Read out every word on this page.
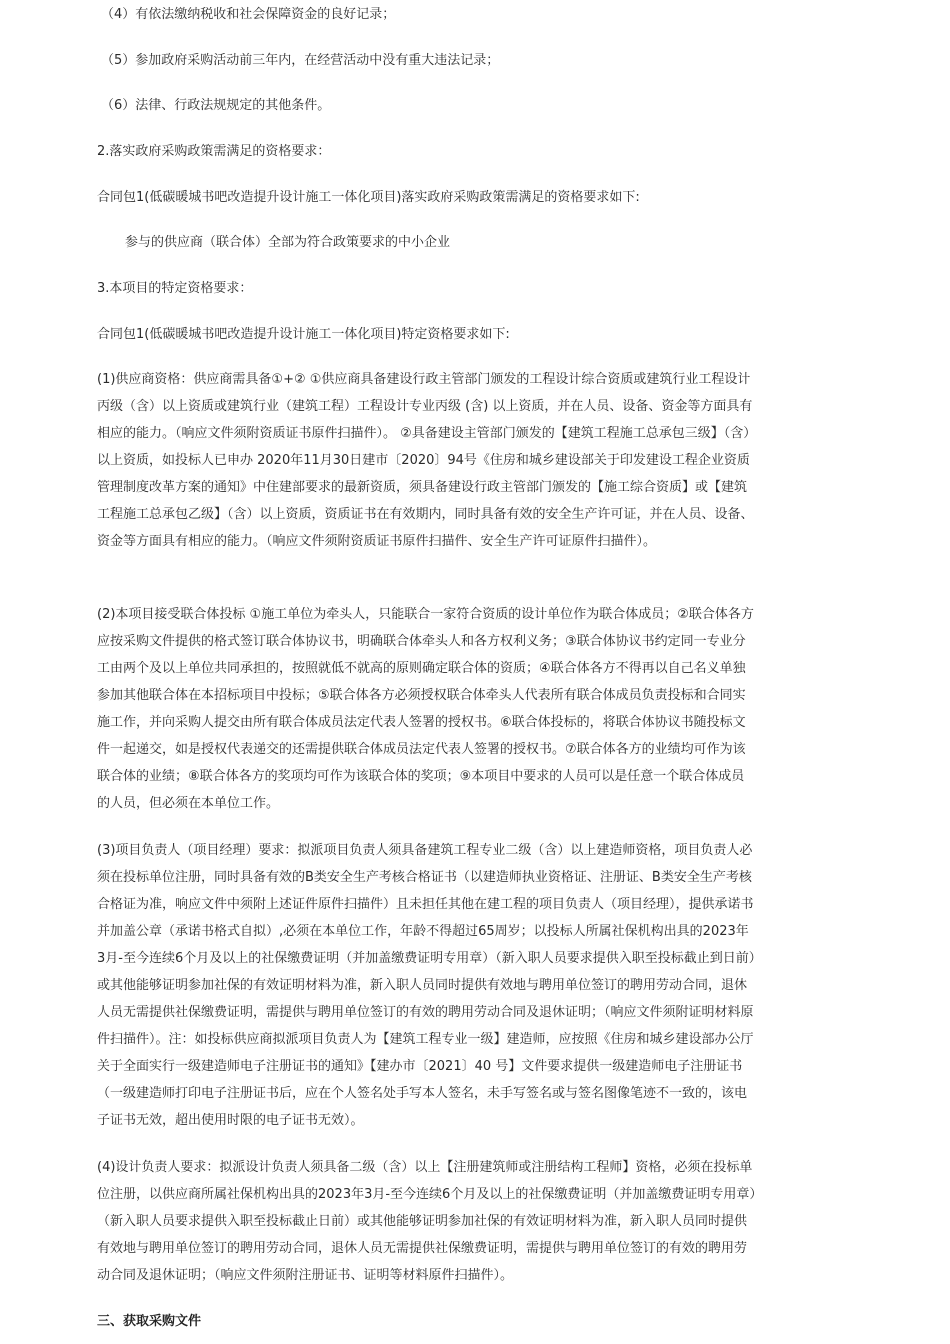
（4）有依法缴纳税收和社会保障资金的良好记录；

（5）参加政府采购活动前三年内，在经营活动中没有重大违法记录；

（6）法律、行政法规规定的其他条件。

2.落实政府采购政策需满足的资格要求：

合同包1(低碳暖城书吧改造提升设计施工一体化项目)落实政府采购政策需满足的资格要求如下:

参与的供应商（联合体）全部为符合政策要求的中小企业

3.本项目的特定资格要求：

合同包1(低碳暖城书吧改造提升设计施工一体化项目)特定资格要求如下:

(1)供应商资格：供应商需具备①+② ①供应商具备建设行政主管部门颁发的工程设计综合资质或建筑行业工程设计丙级（含）以上资质或建筑行业（建筑工程）工程设计专业丙级 (含) 以上资质，并在人员、设备、资金等方面具有相应的能力。（响应文件须附资质证书原件扫描件）。 ②具备建设主管部门颁发的【建筑工程施工总承包三级】（含）以上资质，如投标人已申办 2020年11月30日建市〔2020〕94号《住房和城乡建设部关于印发建设工程企业资质管理制度改革方案的通知》中住建部要求的最新资质，须具备建设行政主管部门颁发的【施工综合资质】或【建筑工程施工总承包乙级】（含）以上资质，资质证书在有效期内，同时具备有效的安全生产许可证，并在人员、设备、资金等方面具有相应的能力。（响应文件须附资质证书原件扫描件、安全生产许可证原件扫描件）。

(2)本项目接受联合体投标 ①施工单位为牵头人，只能联合一家符合资质的设计单位作为联合体成员；②联合体各方应按采购文件提供的格式签订联合体协议书，明确联合体牵头人和各方权利义务；③联合体协议书约定同一专业分工由两个及以上单位共同承担的，按照就低不就高的原则确定联合体的资质；④联合体各方不得再以自己名义单独参加其他联合体在本招标项目中投标；⑤联合体各方必须授权联合体牵头人代表所有联合体成员负责投标和合同实施工作，并向采购人提交由所有联合体成员法定代表人签署的授权书。⑥联合体投标的，将联合体协议书随投标文件一起递交，如是授权代表递交的还需提供联合体成员法定代表人签署的授权书。⑦联合体各方的业绩均可作为该联合体的业绩；⑧联合体各方的奖项均可作为该联合体的奖项；⑨本项目中要求的人员可以是任意一个联合体成员的人员，但必须在本单位工作。

(3)项目负责人（项目经理）要求：拟派项目负责人须具备建筑工程专业二级（含）以上建造师资格，项目负责人必须在投标单位注册，同时具备有效的B类安全生产考核合格证书（以建造师执业资格证、注册证、B类安全生产考核合格证为准，响应文件中须附上述证件原件扫描件）且未担任其他在建工程的项目负责人（项目经理），提供承诺书并加盖公章（承诺书格式自拟）,必须在本单位工作，年龄不得超过65周岁；以投标人所属社保机构出具的2023年3月-至今连续6个月及以上的社保缴费证明（并加盖缴费证明专用章）（新入职人员要求提供入职至投标截止到日前）或其他能够证明参加社保的有效证明材料为准，新入职人员同时提供有效地与聘用单位签订的聘用劳动合同，退休人员无需提供社保缴费证明，需提供与聘用单位签订的有效的聘用劳动合同及退休证明；（响应文件须附证明材料原件扫描件）。注：如投标供应商拟派项目负责人为【建筑工程专业一级】建造师，应按照《住房和城乡建设部办公厅关于全面实行一级建造师电子注册证书的通知》【建办市〔2021〕40 号】文件要求提供一级建造师电子注册证书（一级建造师打印电子注册证书后，应在个人签名处手写本人签名，未手写签名或与签名图像笔迹不一致的，该电子证书无效，超出使用时限的电子证书无效）。

(4)设计负责人要求：拟派设计负责人须具备二级（含）以上【注册建筑师或注册结构工程师】资格，必须在投标单位注册，以供应商所属社保机构出具的2023年3月-至今连续6个月及以上的社保缴费证明（并加盖缴费证明专用章）（新入职人员要求提供入职至投标截止日前）或其他能够证明参加社保的有效证明材料为准，新入职人员同时提供有效地与聘用单位签订的聘用劳动合同，退休人员无需提供社保缴费证明，需提供与聘用单位签订的有效的聘用劳动合同及退休证明；（响应文件须附注册证书、证明等材料原件扫描件）。

三、获取采购文件
